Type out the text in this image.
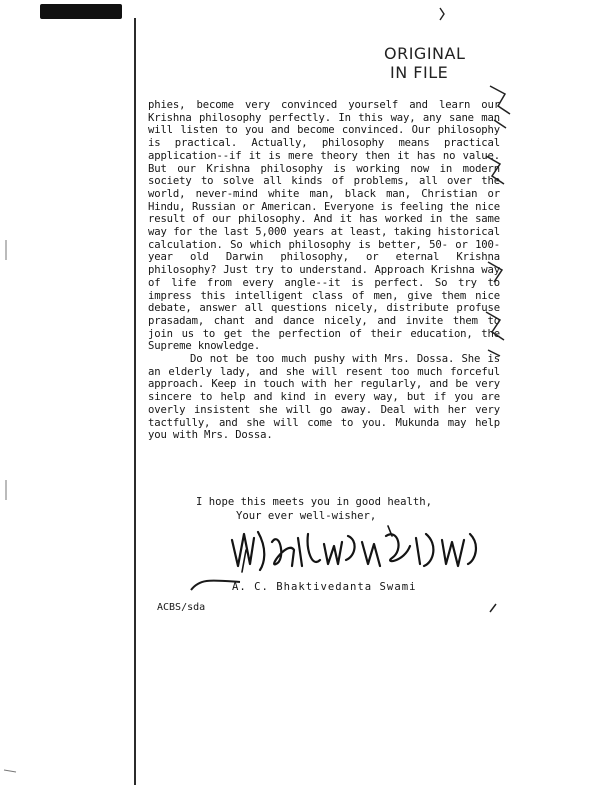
ORIGINAL
IN FILE

phies, become very convinced yourself and learn our Krishna philosophy perfectly. In this way, any sane man will listen to you and become convinced. Our philosophy is practical. Actually, philosophy means practical application--if it is mere theory then it has no value. But our Krishna philosophy is working now in modern society to solve all kinds of problems, all over the world, never-mind white man, black man, Christian or Hindu, Russian or American. Everyone is feeling the nice result of our philosophy. And it has worked in the same way for the last 5,000 years at least, taking historical calculation. So which philosophy is better, 50- or 100-year old Darwin philosophy, or eternal Krishna philosophy? Just try to understand. Approach Krishna way of life from every angle--it is perfect. So try to impress this intelligent class of men, give them nice debate, answer all questions nicely, distribute profuse prasadam, chant and dance nicely, and invite them to join us to get the perfection of their education, the Supreme knowledge.

Do not be too much pushy with Mrs. Dossa. She is an elderly lady, and she will resent too much forceful approach. Keep in touch with her regularly, and be very sincere to help and kind in every way, but if you are overly insistent she will go away. Deal with her very tactfully, and she will come to you. Mukunda may help you with Mrs. Dossa.

I hope this meets you in good health,
Your ever well-wisher,
A. C. Bhaktivedanta Swami
ACBS/sda
